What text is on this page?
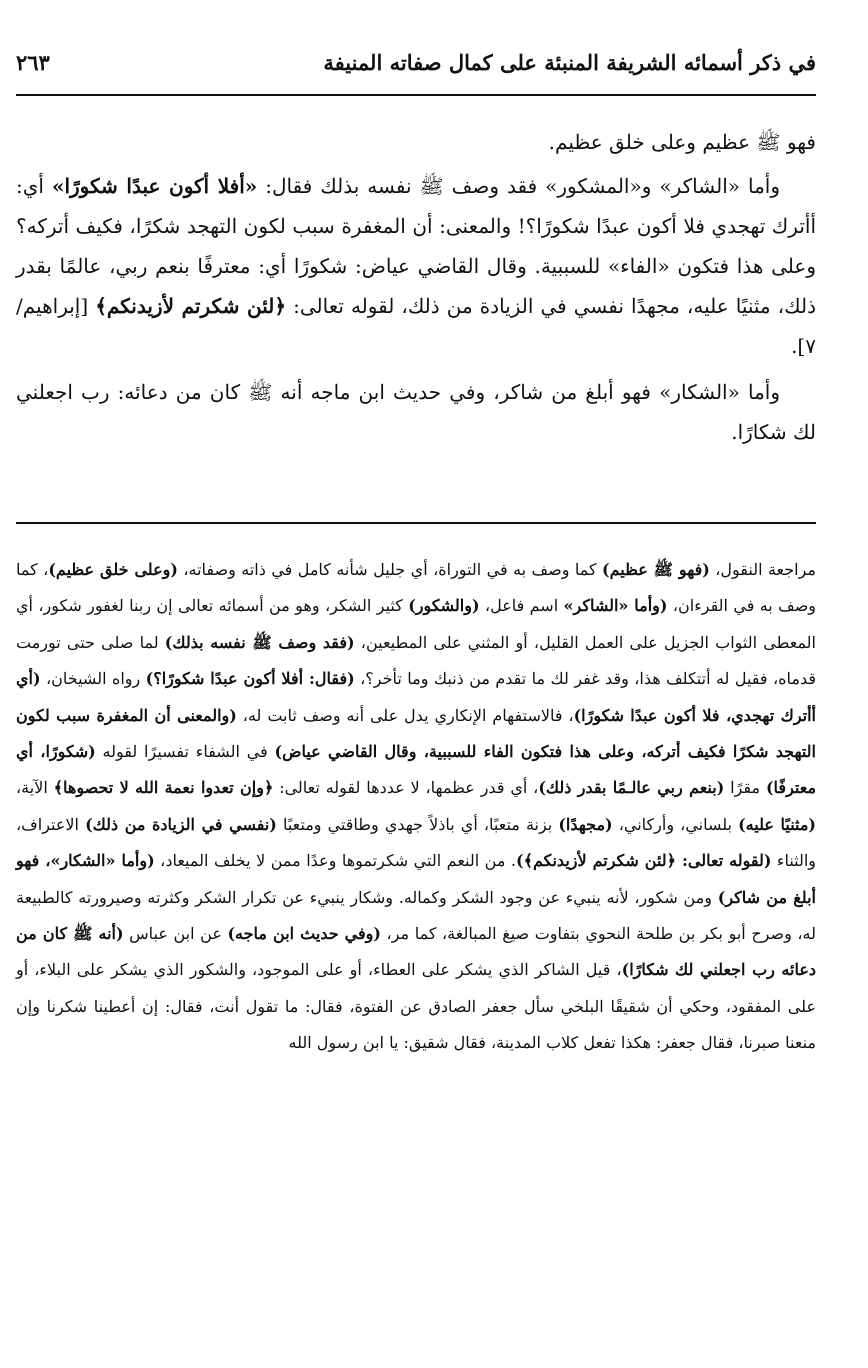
في ذكر أسمائه الشريفة المنبئة على كمال صفاته المنيفة
٢٦٣

فهو ﷺ عظيم وعلى خلق عظيم.

وأما «الشاكر» و«المشكور» فقد وصف ﷺ نفسه بذلك فقال: «أفلا أكون عبدًا شكورًا» أي: أأترك تهجدي فلا أكون عبدًا شكورًا؟! والمعنى: أن المغفرة سبب لكون التهجد شكرًا، فكيف أتركه؟ وعلى هذا فتكون «الفاء» للسببية. وقال القاضي عياض: شكورًا أي: معترفًا بنعم ربي، عالمًا بقدر ذلك، مثنيًا عليه، مجهدًا نفسي في الزيادة من ذلك، لقوله تعالى: ﴿لئن شكرتم لأزيدنكم﴾ [إبراهيم/ ٧].

وأما «الشكار» فهو أبلغ من شاكر، وفي حديث ابن ماجه أنه ﷺ كان من دعائه: رب اجعلني لك شكارًا.

مراجعة النقول، (فهو ﷺ عظيم) كما وصف به في التوراة، أي جليل شأنه كامل في ذاته وصفاته، (وعلى خلق عظيم)، كما وصف به في القرءان، (وأما «الشاكر» اسم فاعل، (والشكور) كثير الشكر، وهو من أسمائه تعالى إن ربنا لغفور شكور، أي المعطى الثواب الجزيل على العمل القليل، أو المثني على المطيعين، (فقد وصف ﷺ نفسه بذلك) لما صلى حتى تورمت قدماه، فقيل له أتتكلف هذا، وقد غفر لك ما تقدم من ذنبك وما تأخر؟، (فقال: أفلا أكون عبدًا شكورًا؟) رواه الشيخان، (أي أأترك تهجدي، فلا أكون عبدًا شكورًا)، فالاستفهام الإنكاري يدل على أنه وصف ثابت له، (والمعنى أن المغفرة سبب لكون التهجد شكرًا فكيف أتركه، وعلى هذا فتكون الفاء للسببية، وقال القاضي عياض) في الشفاء تفسيرًا لقوله (شكورًا، أي معترفًا) مقرًا (بنعم ربي عالـمًا بقدر ذلك)، أي قدر عظمها، لا عددها لقوله تعالى: ﴿وإن تعدوا نعمة الله لا تحصوها﴾ الآية، (مثنيًا عليه) بلساني، وأركاني، (مجهدًا) بزنة متعبًا، أي باذلاً جهدي وطاقتي ومتعبًا (نفسي في الزيادة من ذلك) الاعتراف، والثناء (لقوله تعالى: ﴿لئن شكرتم لأزيدنكم﴾). من النعم التي شكرتموها وعدًا ممن لا يخلف الميعاد، (وأما «الشكار»، فهو أبلغ من شاكر) ومن شكور، لأنه ينبيء عن وجود الشكر وكماله. وشكار ينبيء عن تكرار الشكر وكثرته وصيرورته كالطبيعة له، وصرح أبو بكر بن طلحة النحوي بتفاوت صيغ المبالغة، كما مر، (وفي حديث ابن ماجه) عن ابن عباس (أنه ﷺ كان من دعائه رب اجعلني لك شكارًا)، قيل الشاكر الذي يشكر على العطاء، أو على الموجود، والشكور الذي يشكر على البلاء، أو على المفقود، وحكي أن شقيقًا البلخي سأل جعفر الصادق عن الفتوة، فقال: ما تقول أنت، فقال: إن أعطينا شكرنا وإن منعنا صبرنا، فقال جعفر: هكذا تفعل كلاب المدينة، فقال شقيق: يا ابن رسول الله
